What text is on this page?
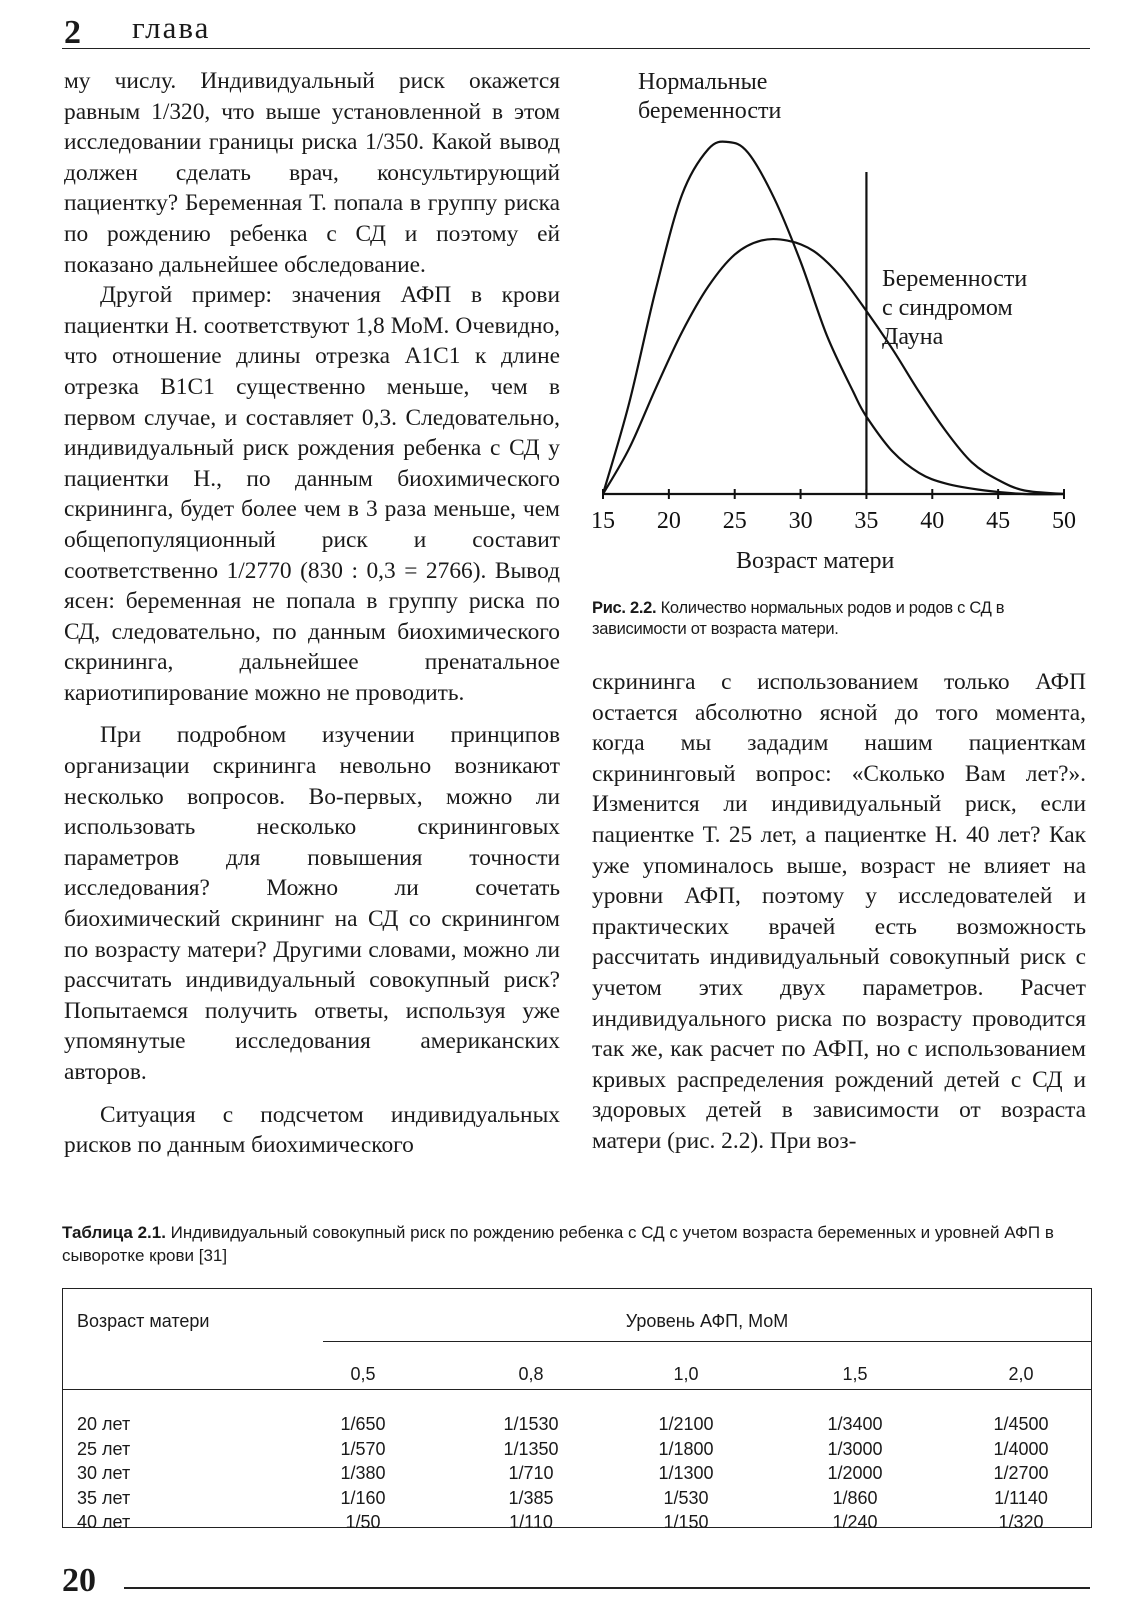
2 глава

му числу. Индивидуальный риск окажется равным 1/320, что выше установленной в этом исследовании границы риска 1/350. Какой вывод должен сделать врач, консультирующий пациентку? Беременная Т. попала в группу риска по рождению ребенка с СД и поэтому ей показано дальнейшее обследование.

Другой пример: значения АФП в крови пациентки Н. соответствуют 1,8 МоМ. Очевидно, что отношение длины отрезка А1С1 к длине отрезка В1С1 существенно меньше, чем в первом случае, и составляет 0,3. Следовательно, индивидуальный риск рождения ребенка с СД у пациентки Н., по данным биохимического скрининга, будет более чем в 3 раза меньше, чем общепопуляционный риск и составит соответственно 1/2770 (830 : 0,3 = 2766). Вывод ясен: беременная не попала в группу риска по СД, следовательно, по данным биохимического скрининга, дальнейшее пренатальное кариотипирование можно не проводить.

При подробном изучении принципов организации скрининга невольно возникают несколько вопросов. Во-первых, можно ли использовать несколько скрининговых параметров для повышения точности исследования? Можно ли сочетать биохимический скрининг на СД со скринингом по возрасту матери? Другими словами, можно ли рассчитать индивидуальный совокупный риск? Попытаемся получить ответы, используя уже упомянутые исследования американских авторов.

Ситуация с подсчетом индивидуальных рисков по данным биохимического

15 20 25 30 35 40 45 50
Нормальные
беременности
Беременности
с синдромом
Дауна
Возраст матери
Рис. 2.2. Количество нормальных родов и родов с СД в зависимости от возраста матери.

скрининга с использованием только АФП остается абсолютно ясной до того момента, когда мы зададим нашим пациенткам скрининговый вопрос: «Сколько Вам лет?». Изменится ли индивидуальный риск, если пациентке Т. 25 лет, а пациентке Н. 40 лет? Как уже упоминалось выше, возраст не влияет на уровни АФП, поэтому у исследователей и практических врачей есть возможность рассчитать индивидуальный совокупный риск с учетом этих двух параметров. Расчет индивидуального риска по возрасту проводится так же, как расчет по АФП, но с использованием кривых распределения рождений детей с СД и здоровых детей в зависимости от возраста матери (рис. 2.2). При воз-

Таблица 2.1. Индивидуальный совокупный риск по рождению ребенка с СД с учетом возраста беременных и уровней АФП в сыворотке крови [31]
Возраст матери	Уровень АФП, МоМ
0,5	0,8	1,0	1,5	2,0
20 лет	1/650	1/1530	1/2100	1/3400	1/4500
25 лет	1/570	1/1350	1/1800	1/3000	1/4000
30 лет	1/380	1/710	1/1300	1/2000	1/2700
35 лет	1/160	1/385	1/530	1/860	1/1140
40 лет	1/50	1/110	1/150	1/240	1/320
20
